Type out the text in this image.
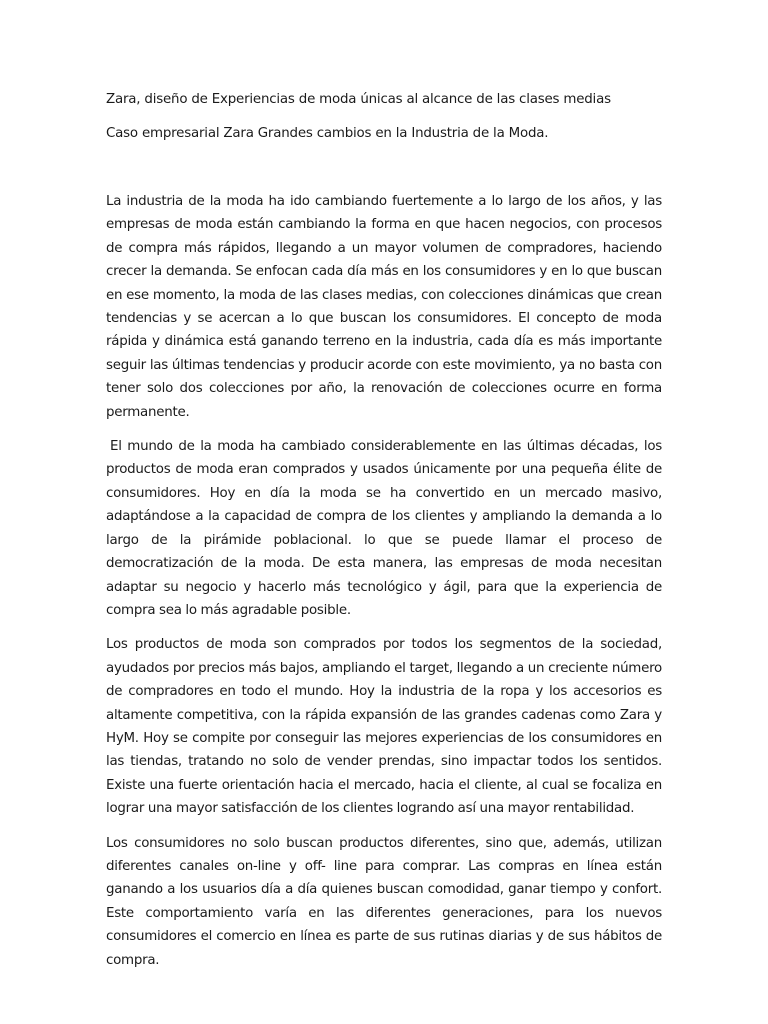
Zara, diseño de Experiencias de moda únicas al alcance de las clases medias

Caso empresarial Zara Grandes cambios en la Industria de la Moda.

La industria de la moda ha ido cambiando fuertemente a lo largo de los años, y las empresas de moda están cambiando la forma en que hacen negocios, con procesos de compra más rápidos, llegando a un mayor volumen de compradores, haciendo crecer la demanda. Se enfocan cada día más en los consumidores y en lo que buscan en ese momento, la moda de las clases medias, con colecciones dinámicas que crean tendencias y se acercan a lo que buscan los consumidores. El concepto de moda rápida y dinámica está ganando terreno en la industria, cada día es más importante seguir las últimas tendencias y producir acorde con este movimiento, ya no basta con tener solo dos colecciones por año, la renovación de colecciones ocurre en forma permanente.

El mundo de la moda ha cambiado considerablemente en las últimas décadas, los productos de moda eran comprados y usados únicamente por una pequeña élite de consumidores. Hoy en día la moda se ha convertido en un mercado masivo, adaptándose a la capacidad de compra de los clientes y ampliando la demanda a lo largo de la pirámide poblacional. lo que se puede llamar el proceso de democratización de la moda. De esta manera, las empresas de moda necesitan adaptar su negocio y hacerlo más tecnológico y ágil, para que la experiencia de compra sea lo más agradable posible.

Los productos de moda son comprados por todos los segmentos de la sociedad, ayudados por precios más bajos, ampliando el target, llegando a un creciente número de compradores en todo el mundo. Hoy la industria de la ropa y los accesorios es altamente competitiva, con la rápida expansión de las grandes cadenas como Zara y HyM. Hoy se compite por conseguir las mejores experiencias de los consumidores en las tiendas, tratando no solo de vender prendas, sino impactar todos los sentidos. Existe una fuerte orientación hacia el mercado, hacia el cliente, al cual se focaliza en lograr una mayor satisfacción de los clientes logrando así una mayor rentabilidad.

Los consumidores no solo buscan productos diferentes, sino que, además, utilizan diferentes canales on-line y off- line para comprar. Las compras en línea están ganando a los usuarios día a día quienes buscan comodidad, ganar tiempo y confort. Este comportamiento varía en las diferentes generaciones, para los nuevos consumidores el comercio en línea es parte de sus rutinas diarias y de sus hábitos de compra.
